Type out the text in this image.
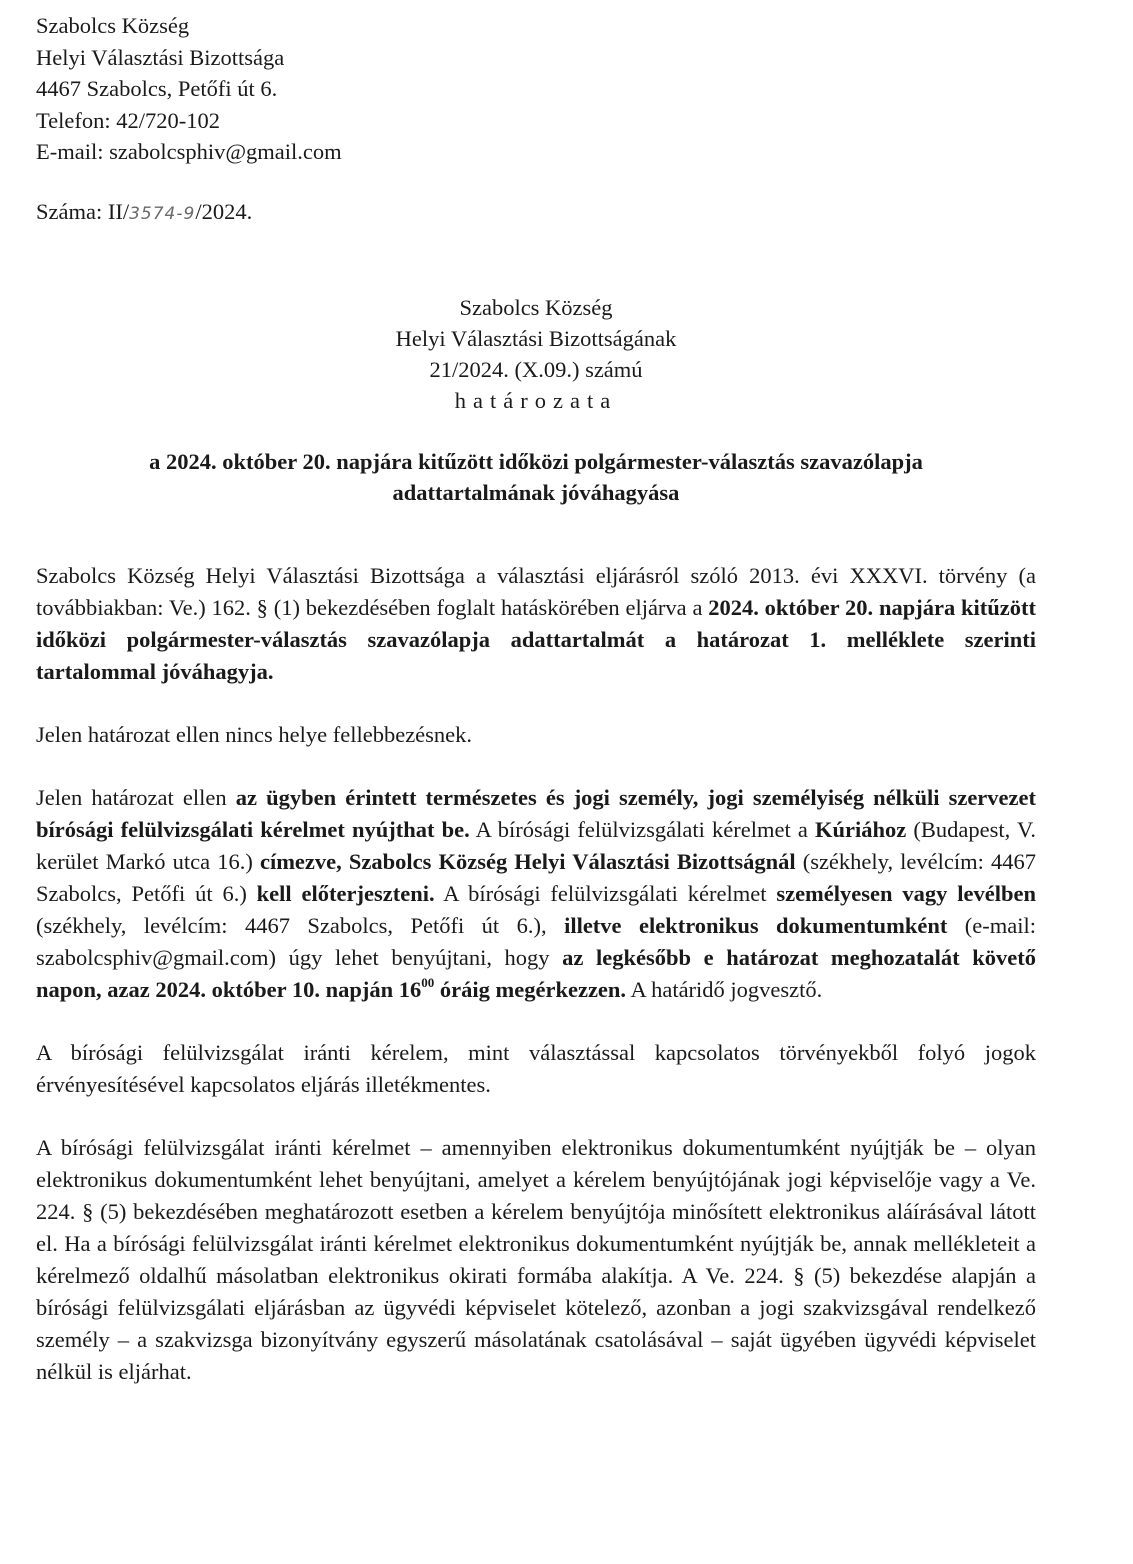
Szabolcs Község
Helyi Választási Bizottsága
4467 Szabolcs, Petőfi út 6.
Telefon: 42/720-102
E-mail: szabolcsphiv@gmail.com
Száma: II/3574-9/2024.
Szabolcs Község
Helyi Választási Bizottságának
21/2024. (X.09.) számú
határozata
a 2024. október 20. napjára kitűzött időközi polgármester-választás szavazólapja adattartalmának jóváhagyása

Szabolcs Község Helyi Választási Bizottsága a választási eljárásról szóló 2013. évi XXXVI. törvény (a továbbiakban: Ve.) 162. § (1) bekezdésében foglalt hatáskörében eljárva a 2024. október 20. napjára kitűzött időközi polgármester-választás szavazólapja adattartalmát a határozat 1. melléklete szerinti tartalommal jóváhagyja.

Jelen határozat ellen nincs helye fellebbezésnek.

Jelen határozat ellen az ügyben érintett természetes és jogi személy, jogi személyiség nélküli szervezet bírósági felülvizsgálati kérelmet nyújthat be. A bírósági felülvizsgálati kérelmet a Kúriához (Budapest, V. kerület Markó utca 16.) címezve, Szabolcs Község Helyi Választási Bizottságnál (székhely, levélcím: 4467 Szabolcs, Petőfi út 6.) kell előterjeszteni. A bírósági felülvizsgálati kérelmet személyesen vagy levélben (székhely, levélcím: 4467 Szabolcs, Petőfi út 6.), illetve elektronikus dokumentumként (e-mail: szabolcsphiv@gmail.com) úgy lehet benyújtani, hogy az legkésőbb e határozat meghozatalát követő napon, azaz 2024. október 10. napján $16^{00}$ óráig megérkezzen. A határidő jogvesztő.

A bírósági felülvizsgálat iránti kérelem, mint választással kapcsolatos törvényekből folyó jogok érvényesítésével kapcsolatos eljárás illetékmentes.

A bírósági felülvizsgálat iránti kérelmet – amennyiben elektronikus dokumentumként nyújtják be – olyan elektronikus dokumentumként lehet benyújtani, amelyet a kérelem benyújtójának jogi képviselője vagy a Ve. 224. § (5) bekezdésében meghatározott esetben a kérelem benyújtója minősített elektronikus aláírásával látott el. Ha a bírósági felülvizsgálat iránti kérelmet elektronikus dokumentumként nyújtják be, annak mellékleteit a kérelmező oldalhű másolatban elektronikus okirati formába alakítja. A Ve. 224. § (5) bekezdése alapján a bírósági felülvizsgálati eljárásban az ügyvédi képviselet kötelező, azonban a jogi szakvizsgával rendelkező személy – a szakvizsga bizonyítvány egyszerű másolatának csatolásával – saját ügyében ügyvédi képviselet nélkül is eljárhat.
